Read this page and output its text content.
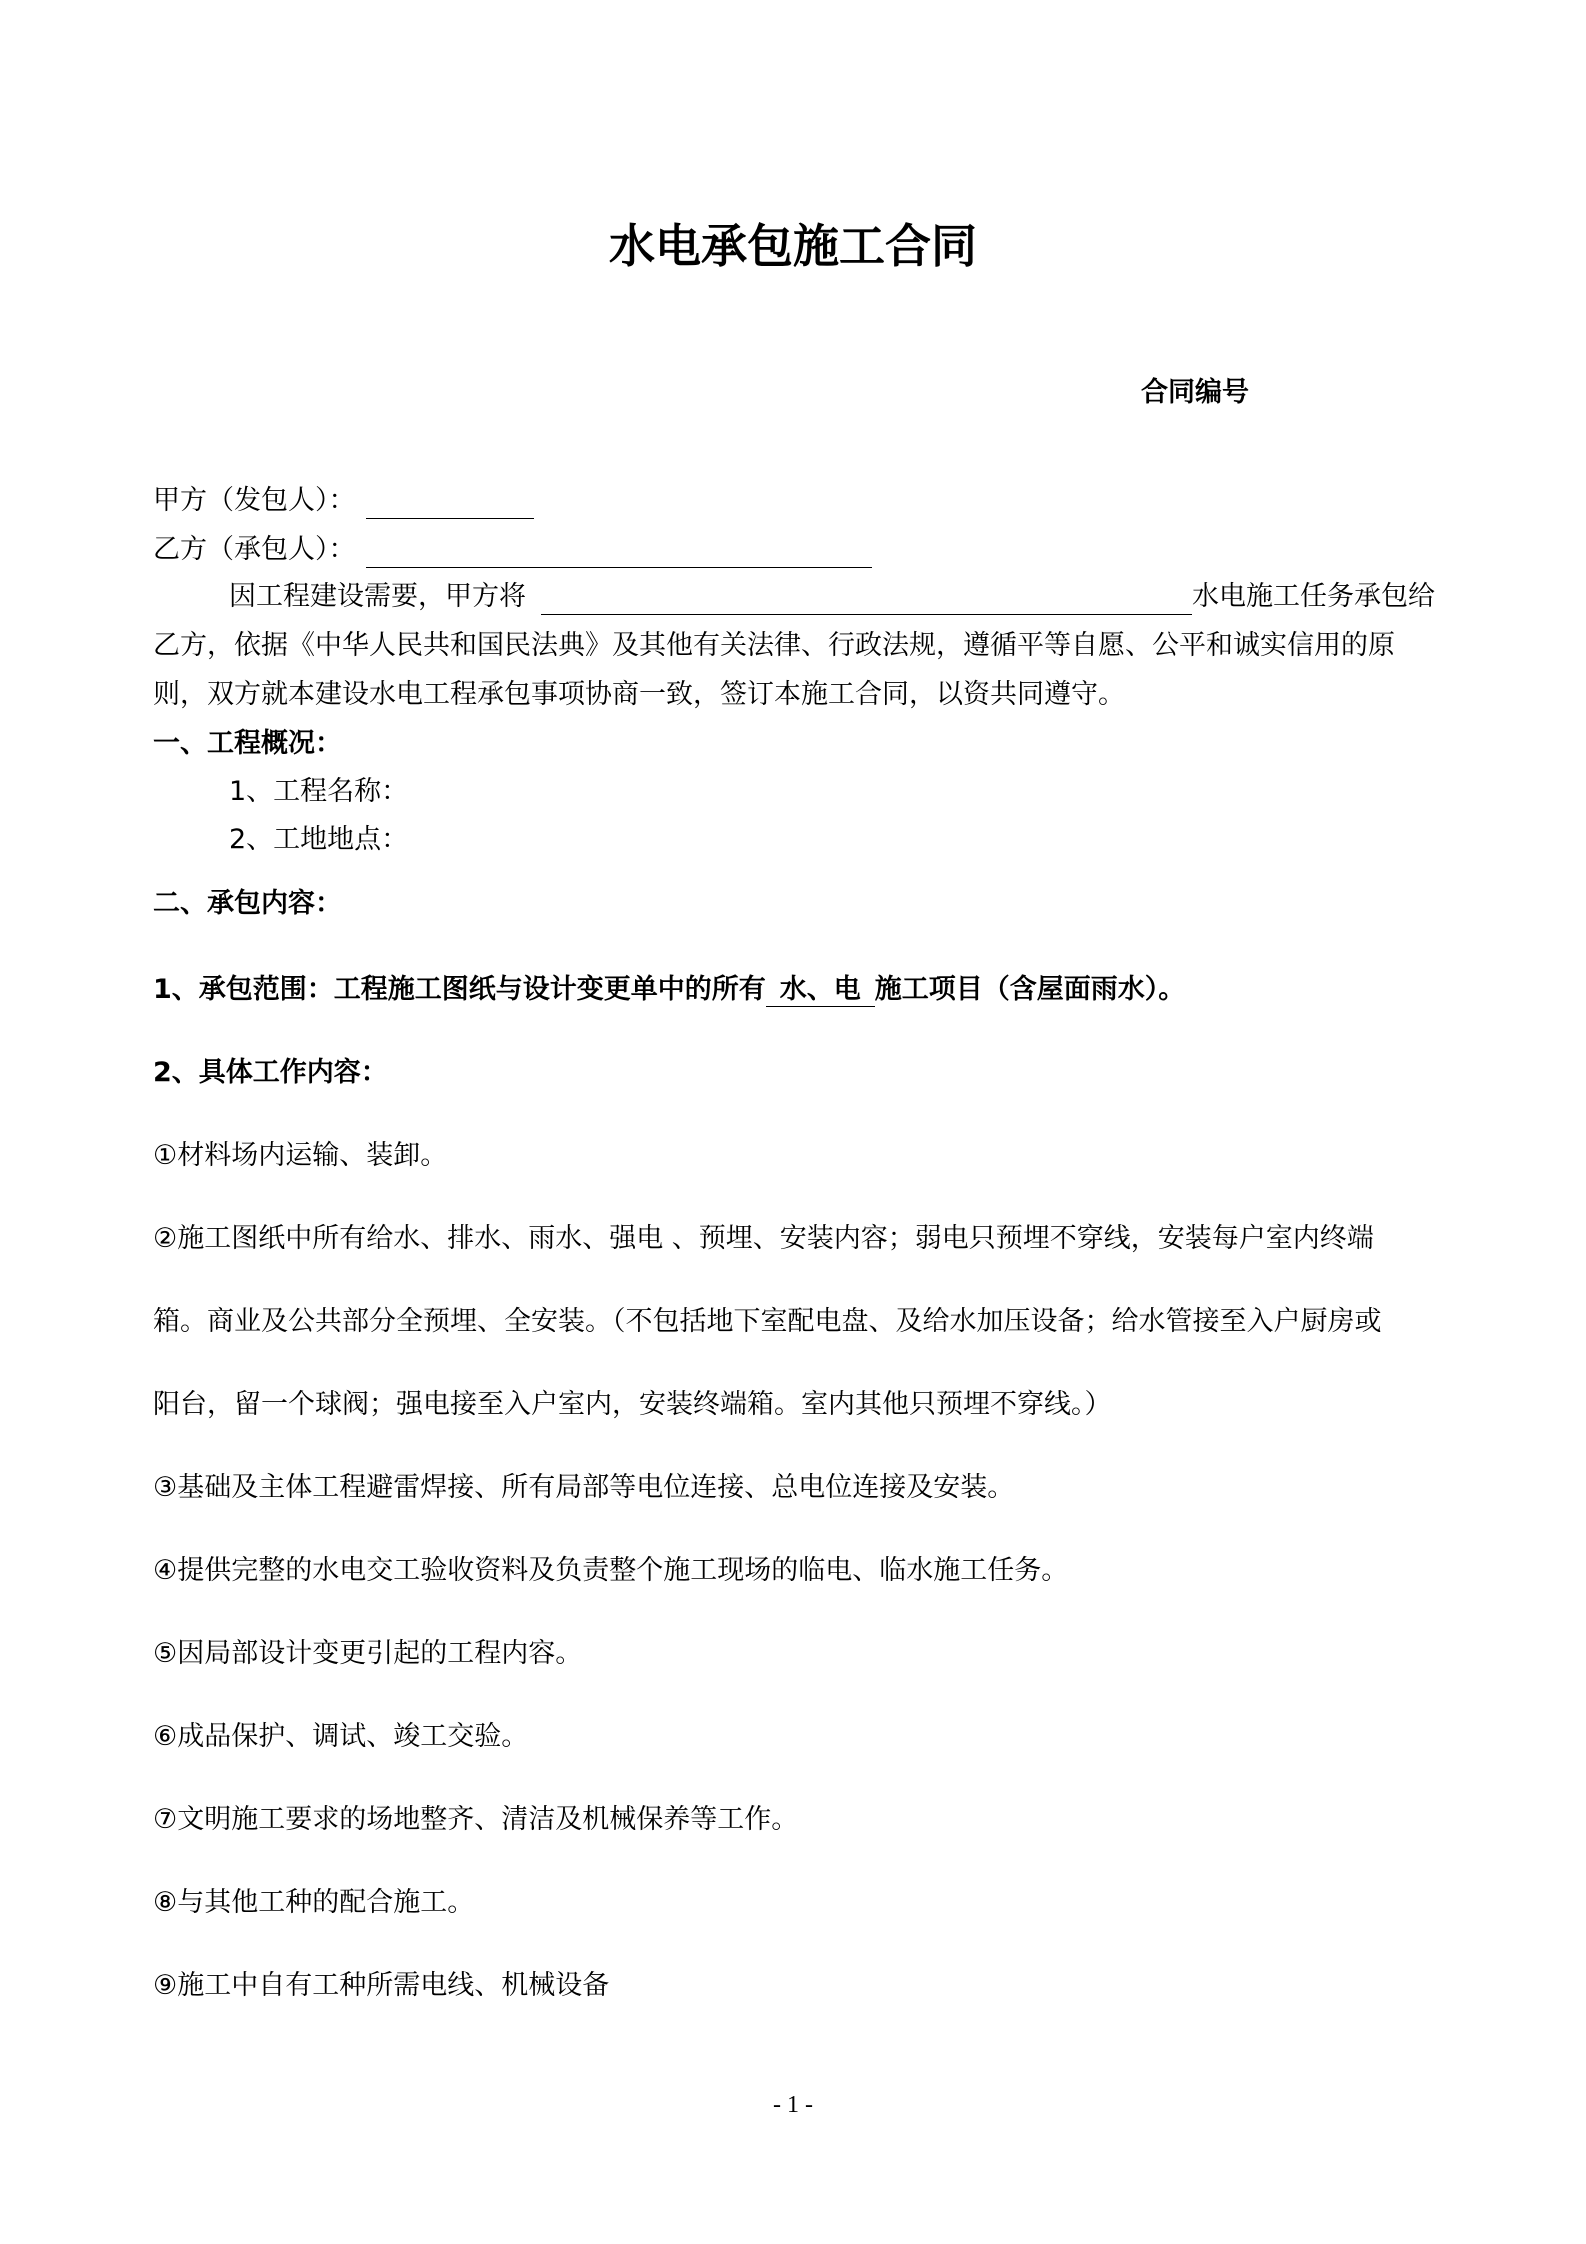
水电承包施工合同
合同编号
甲方（发包人）：
乙方（承包人）：
因工程建设需要，甲方将	水电施工任务承包给
乙方，依据《中华人民共和国民法典》及其他有关法律、行政法规，遵循平等自愿、公平和诚实信用的原
则，双方就本建设水电工程承包事项协商一致，签订本施工合同，以资共同遵守。
一、工程概况：
1、工程名称：
2、工地地点：
二、承包内容：
1、承包范围：工程施工图纸与设计变更单中的所有 水、电 施工项目（含屋面雨水）。
2、具体工作内容：
①材料场内运输、装卸。
②施工图纸中所有给水、排水、雨水、强电 、预埋、安装内容；弱电只预埋不穿线，安装每户室内终端
箱。商业及公共部分全预埋、全安装。（不包括地下室配电盘、及给水加压设备；给水管接至入户厨房或
阳台，留一个球阀；强电接至入户室内，安装终端箱。室内其他只预埋不穿线。）
③基础及主体工程避雷焊接、所有局部等电位连接、总电位连接及安装。
④提供完整的水电交工验收资料及负责整个施工现场的临电、临水施工任务。
⑤因局部设计变更引起的工程内容。
⑥成品保护、调试、竣工交验。
⑦文明施工要求的场地整齐、清洁及机械保养等工作。
⑧与其他工种的配合施工。
⑨施工中自有工种所需电线、机械设备
- 1 -
